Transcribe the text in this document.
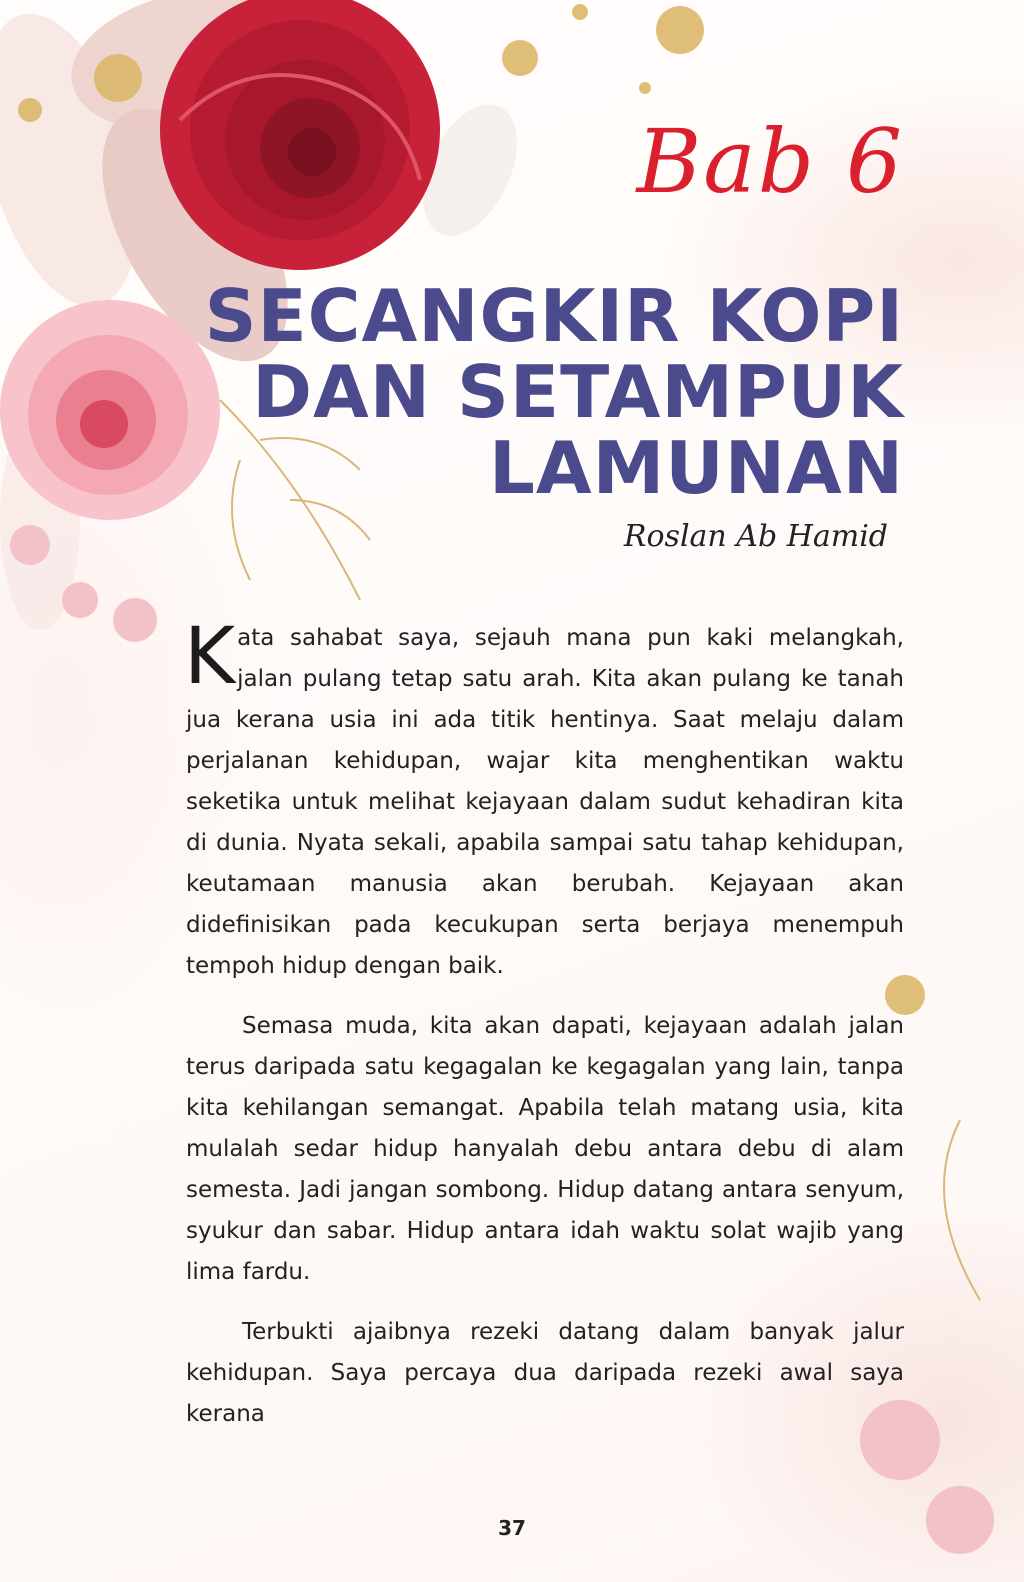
Bab 6
SECANGKIR KOPI
DAN SETAMPUK
LAMUNAN
Roslan Ab Hamid

Kata sahabat saya, sejauh mana pun kaki melangkah, jalan pulang tetap satu arah. Kita akan pulang ke tanah jua kerana usia ini ada titik hentinya. Saat melaju dalam perjalanan kehidupan, wajar kita menghentikan waktu seketika untuk melihat kejayaan dalam sudut kehadiran kita di dunia. Nyata sekali, apabila sampai satu tahap kehidupan, keutamaan manusia akan berubah. Kejayaan akan didefinisikan pada kecukupan serta berjaya menempuh tempoh hidup dengan baik.

Semasa muda, kita akan dapati, kejayaan adalah jalan terus daripada satu kegagalan ke kegagalan yang lain, tanpa kita kehilangan semangat. Apabila telah matang usia, kita mulalah sedar hidup hanyalah debu antara debu di alam semesta. Jadi jangan sombong. Hidup datang antara senyum, syukur dan sabar. Hidup antara idah waktu solat wajib yang lima fardu.

Terbukti ajaibnya rezeki datang dalam banyak jalur kehidupan. Saya percaya dua daripada rezeki awal saya kerana

37
